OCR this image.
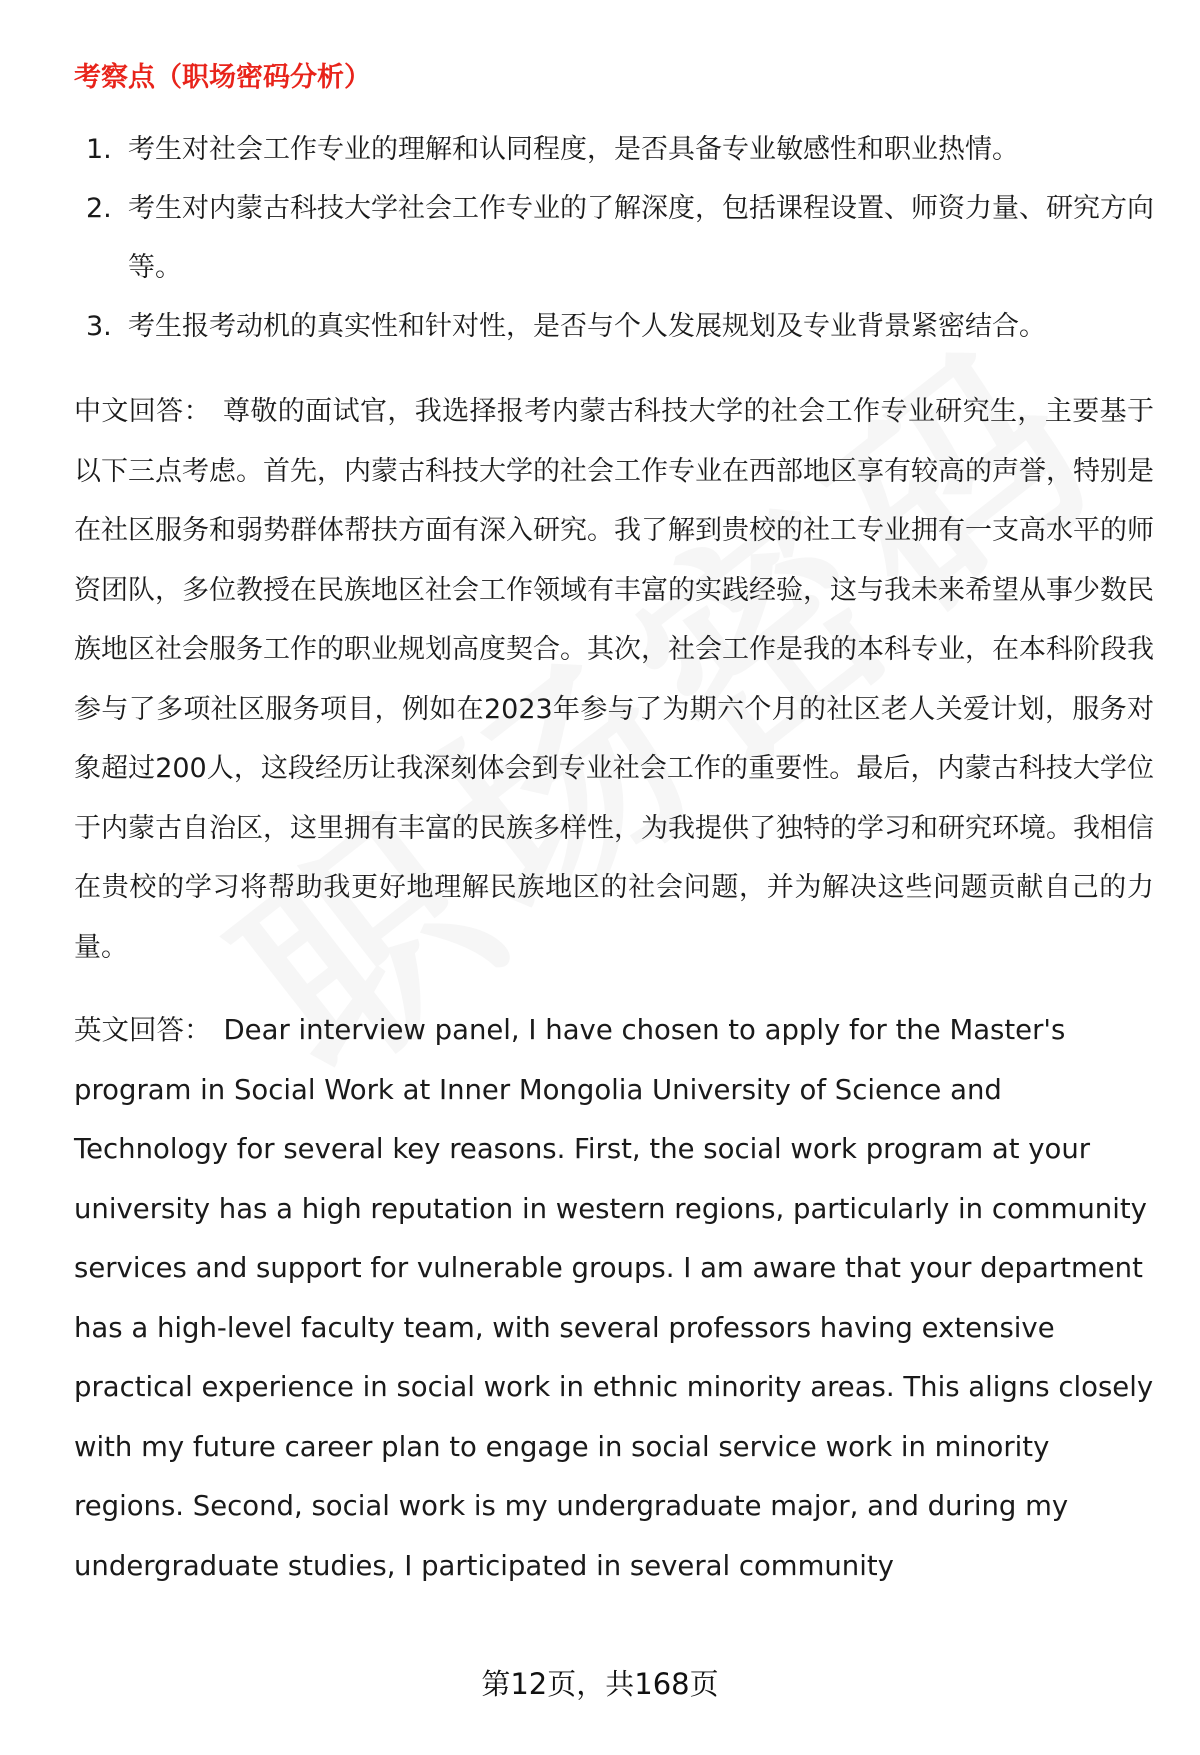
考察点（职场密码分析）
1. 考生对社会工作专业的理解和认同程度，是否具备专业敏感性和职业热情。
2. 考生对内蒙古科技大学社会工作专业的了解深度，包括课程设置、师资力量、研究方向等。
3. 考生报考动机的真实性和针对性，是否与个人发展规划及专业背景紧密结合。

中文回答： 尊敬的面试官，我选择报考内蒙古科技大学的社会工作专业研究生，主要基于以下三点考虑。首先，内蒙古科技大学的社会工作专业在西部地区享有较高的声誉，特别是在社区服务和弱势群体帮扶方面有深入研究。我了解到贵校的社工专业拥有一支高水平的师资团队，多位教授在民族地区社会工作领域有丰富的实践经验，这与我未来希望从事少数民族地区社会服务工作的职业规划高度契合。其次，社会工作是我的本科专业，在本科阶段我参与了多项社区服务项目，例如在2023年参与了为期六个月的社区老人关爱计划，服务对象超过200人，这段经历让我深刻体会到专业社会工作的重要性。最后，内蒙古科技大学位于内蒙古自治区，这里拥有丰富的民族多样性，为我提供了独特的学习和研究环境。我相信在贵校的学习将帮助我更好地理解民族地区的社会问题，并为解决这些问题贡献自己的力量。

英文回答： Dear interview panel, I have chosen to apply for the Master's program in Social Work at Inner Mongolia University of Science and Technology for several key reasons. First, the social work program at your university has a high reputation in western regions, particularly in community services and support for vulnerable groups. I am aware that your department has a high-level faculty team, with several professors having extensive practical experience in social work in ethnic minority areas. This aligns closely with my future career plan to engage in social service work in minority regions. Second, social work is my undergraduate major, and during my undergraduate studies, I participated in several community

第12页，共168页
